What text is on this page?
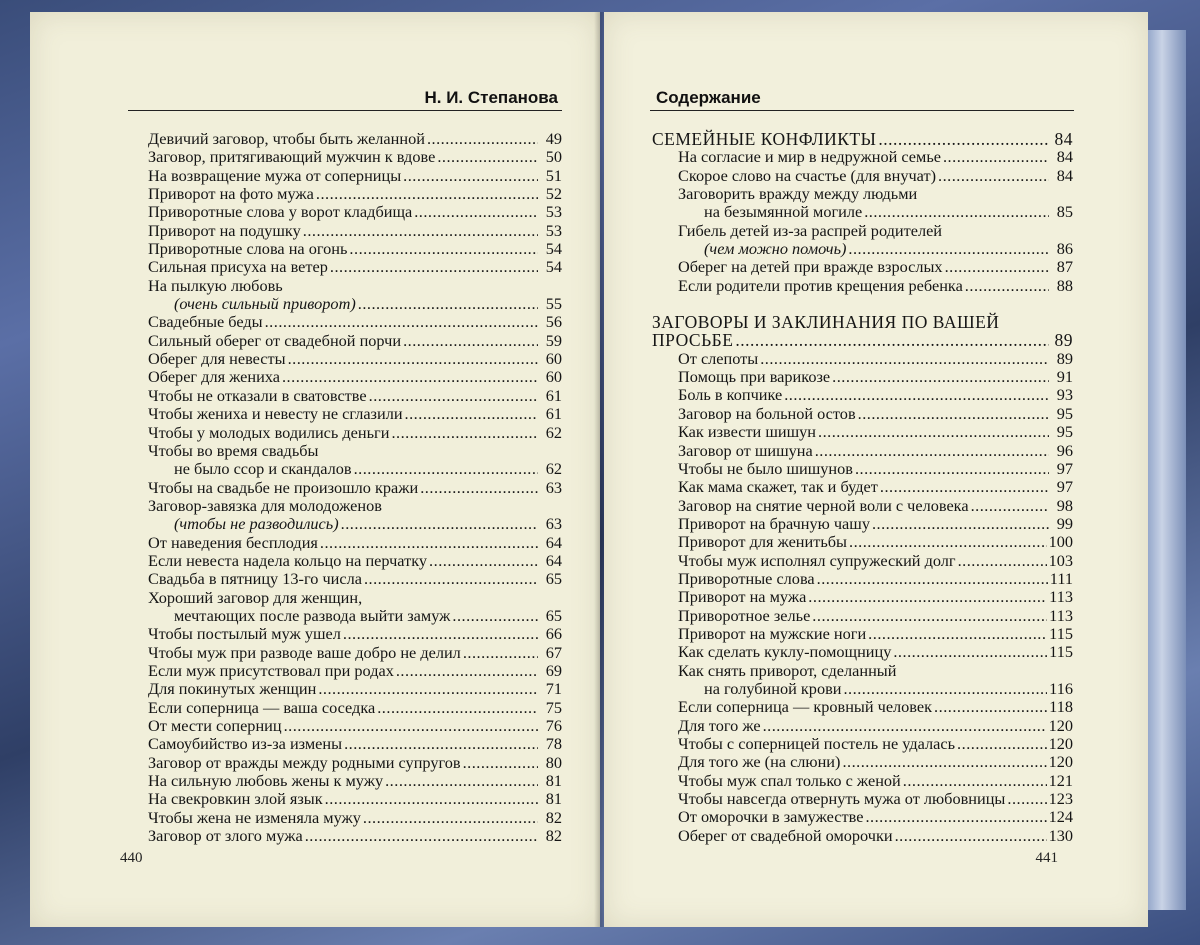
Н. И. Степанова
Девичий заговор, чтобы быть желанной .....	49
Заговор, притягивающий мужчин к вдове .....	50
На возвращение мужа от соперницы .....	51
Приворот на фото мужа .....	52
Приворотные слова у ворот кладбища .....	53
Приворот на подушку .....	53
Приворотные слова на огонь .....	54
Сильная присуха на ветер .....	54
На пылкую любовь
(очень сильный приворот) .....	55
Свадебные беды .....	56
Сильный оберег от свадебной порчи .....	59
Оберег для невесты .....	60
Оберег для жениха .....	60
Чтобы не отказали в сватовстве .....	61
Чтобы жениха и невесту не сглазили .....	61
Чтобы у молодых водились деньги .....	62
Чтобы во время свадьбы
не было ссор и скандалов .....	62
Чтобы на свадьбе не произошло кражи .....	63
Заговор-завязка для молодоженов
(чтобы не разводились) .....	63
От наведения бесплодия .....	64
Если невеста надела кольцо на перчатку .....	64
Свадьба в пятницу 13-го числа .....	65
Хороший заговор для женщин,
мечтающих после развода выйти замуж .....	65
Чтобы постылый муж ушел .....	66
Чтобы муж при разводе ваше добро не делил .....	67
Если муж присутствовал при родах .....	69
Для покинутых женщин .....	71
Если соперница — ваша соседка .....	75
От мести соперниц .....	76
Самоубийство из-за измены .....	78
Заговор от вражды между родными супругов .....	80
На сильную любовь жены к мужу .....	81
На свекровкин злой язык .....	81
Чтобы жена не изменяла мужу .....	82
Заговор от злого мужа .....	82
440
Содержание
СЕМЕЙНЫЕ КОНФЛИКТЫ .....	84
На согласие и мир в недружной семье .....	84
Скорое слово на счастье (для внучат) .....	84
Заговорить вражду между людьми
на безымянной могиле .....	85
Гибель детей из-за распрей родителей
(чем можно помочь) .....	86
Оберег на детей при вражде взрослых .....	87
Если родители против крещения ребенка .....	88
ЗАГОВОРЫ И ЗАКЛИНАНИЯ ПО ВАШЕЙ
ПРОСЬБЕ .....	89
От слепоты .....	89
Помощь при варикозе .....	91
Боль в копчике .....	93
Заговор на больной остов .....	95
Как извести шишун .....	95
Заговор от шишуна .....	96
Чтобы не было шишунов .....	97
Как мама скажет, так и будет .....	97
Заговор на снятие черной воли с человека .....	98
Приворот на брачную чашу .....	99
Приворот для женитьбы .....	100
Чтобы муж исполнял супружеский долг .....	103
Приворотные слова .....	111
Приворот на мужа .....	113
Приворотное зелье .....	113
Приворот на мужские ноги .....	115
Как сделать куклу-помощницу .....	115
Как снять приворот, сделанный
на голубиной крови .....	116
Если соперница — кровный человек .....	118
Для того же .....	120
Чтобы с соперницей постель не удалась .....	120
Для того же (на слюни) .....	120
Чтобы муж спал только с женой .....	121
Чтобы навсегда отвернуть мужа от любовницы .....	123
От оморочки в замужестве .....	124
Оберег от свадебной оморочки .....	130
441
